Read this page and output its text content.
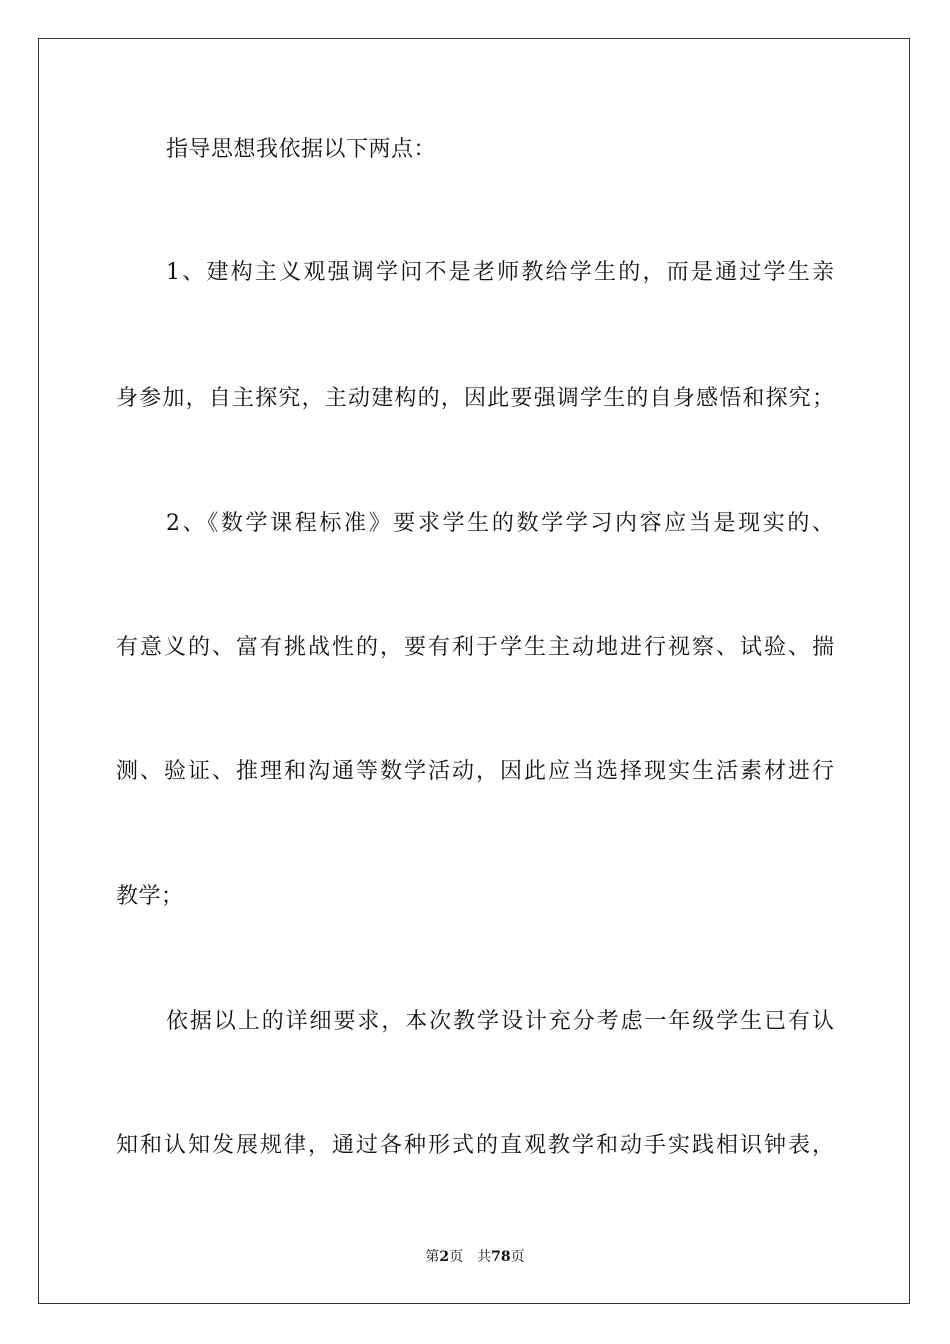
指导思想我依据以下两点：
1、建构主义观强调学问不是老师教给学生的，而是通过学生亲
身参加，自主探究，主动建构的，因此要强调学生的自身感悟和探究；
2、《数学课程标准》要求学生的数学学习内容应当是现实的、
有意义的、富有挑战性的，要有利于学生主动地进行视察、试验、揣
测、验证、推理和沟通等数学活动，因此应当选择现实生活素材进行
教学；
依据以上的详细要求，本次教学设计充分考虑一年级学生已有认
知和认知发展规律，通过各种形式的直观教学和动手实践相识钟表，
第2页 共78页
